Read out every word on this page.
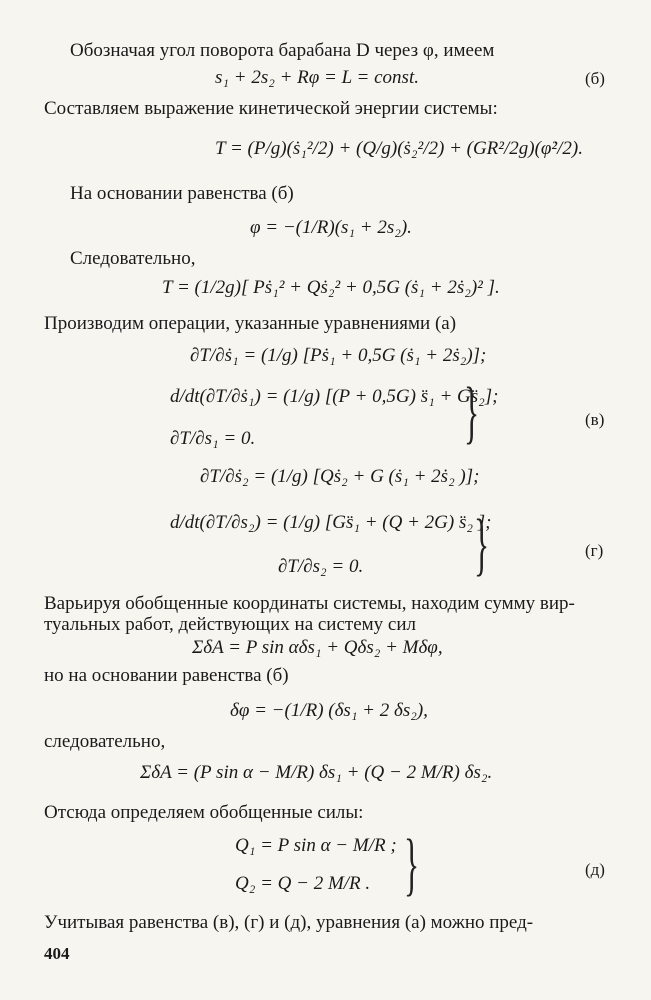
Обозначая угол поворота барабана D через φ, имеем
s₁ + 2s₂ + Rφ = L = const.	(б)
Составляем выражение кинетической энергии системы:
T = (P/g)(ṡ₁²/2) + (Q/g)(ṡ₂²/2) + (GR²/2g)(φ̇²/2).
На основании равенства (б)
φ = −(1/R)(s₁ + 2s₂).
Следовательно,
T = (1/2g)[ Pṡ₁² + Qṡ₂² + 0,5G (ṡ₁ + 2ṡ₂)² ].
Производим операции, указанные уравнениями (а)
∂T/∂ṡ₁ = (1/g) [Pṡ₁ + 0,5G (ṡ₁ + 2ṡ₂)];
d/dt(∂T/∂ṡ₁) = (1/g) [(P + 0,5G) s̈₁ + Gs̈₂];
∂T/∂s₁ = 0.	}	(в)
∂T/∂ṡ₂ = (1/g) [Qṡ₂ + G (ṡ₁ + 2ṡ₂ )];
d/dt(∂T/∂s₂) = (1/g) [Gs̈₁ + (Q + 2G) s̈₂ ];
∂T/∂s₂ = 0. }	(г)
Варьируя обобщенные координаты системы, находим сумму вир-
туальных работ, действующих на систему сил
ΣδA = P sin αδs₁ + Qδs₂ + Mδφ,
но на основании равенства (б)
δφ = −(1/R) (δs₁ + 2 δs₂),
следовательно,
ΣδA = (P sin α − M/R) δs₁ + (Q − 2 M/R) δs₂.
Отсюда определяем обобщенные силы:
Q₁ = P sin α − M/R ;
Q₂ = Q − 2 M/R . }	(д)
Учитывая равенства (в), (г) и (д), уравнения (а) можно пред-
404
